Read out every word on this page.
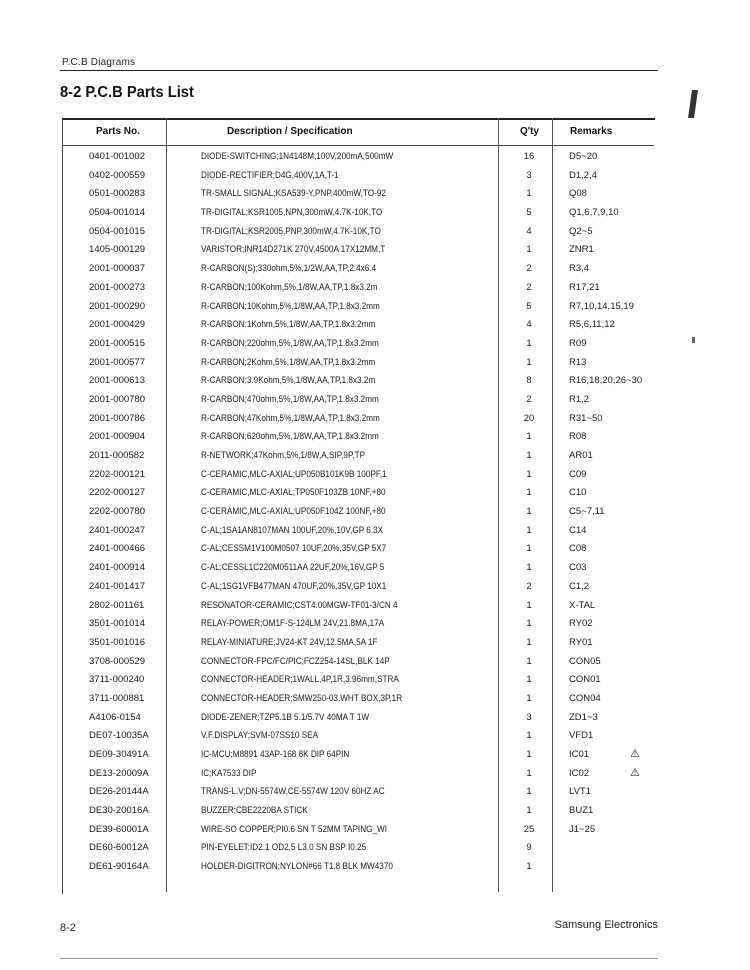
P.C.B Diagrams
8-2 P.C.B Parts List
Parts No.	Description / Specification	Q'ty	Remarks
0401-001002	DIODE-SWITCHING;1N4148M,100V,200mA,500mW	16	D5~20
0402-000559	DIODE-RECTIFIER;D4G,400V,1A,T-1	3	D1,2,4
0501-000283	TR-SMALL SIGNAL;KSA539-Y,PNP,400mW,TO-92	1	Q08
0504-001014	TR-DIGITAL;KSR1005,NPN,300mW,4.7K-10K,TO	5	Q1,6,7,9,10
0504-001015	TR-DIGITAL;KSR2005,PNP,300mW,4.7K-10K,TO	4	Q2~5
1405-000129	VARISTOR;INR14D271K 270V,4500A 17X12MM,T	1	ZNR1
2001-000037	R-CARBON(S);330ohm,5%,1/2W,AA,TP,2.4x6.4	2	R3,4
2001-000273	R-CARBON;100Kohm,5%,1/8W,AA,TP,1.8x3.2m	2	R17,21
2001-000290	R-CARBON;10Kohm,5%,1/8W,AA,TP,1.8x3.2mm	5	R7,10,14,15,19
2001-000429	R-CARBON;1Kohm,5%,1/8W,AA,TP,1.8x3.2mm	4	R5,6,11,12
2001-000515	R-CARBON;220ohm,5%,1/8W,AA,TP,1.8x3.2mm	1	R09
2001-000577	R-CARBON;2Kohm,5%,1/8W,AA,TP,1.8x3.2mm	1	R13
2001-000613	R-CARBON;3.9Kohm,5%,1/8W,AA,TP,1.8x3.2m	8	R16,18,20,26~30
2001-000780	R-CARBON;470ohm,5%,1/8W,AA,TP,1.8x3.2mm	2	R1,2
2001-000786	R-CARBON;47Kohm,5%,1/8W,AA,TP,1.8x3.2mm	20	R31~50
2001-000904	R-CARBON;620ohm,5%,1/8W,AA,TP,1.8x3.2mm	1	R08
2011-000582	R-NETWORK;47Kohm,5%,1/8W,A,SIP,9P,TP	1	AR01
2202-000121	C-CERAMIC,MLC-AXIAL;UP050B101K9B 100PF,1	1	C09
2202-000127	C-CERAMIC,MLC-AXIAL;TP050F103ZB 10NF,+80	1	C10
2202-000780	C-CERAMIC,MLC-AXIAL;UP050F104Z 100NF,+80	1	C5~7,11
2401-000247	C-AL;1SA1AN8107MAN 100UF,20%,10V,GP 6.3X	1	C14
2401-000466	C-AL;CESSM1V100M0507 10UF,20%,35V,GP 5X7	1	C08
2401-000914	C-AL;CESSL1C220M0511AA 22UF,20%,16V,GP 5	1	C03
2401-001417	C-AL;1SG1VFB477MAN 470UF,20%,35V,GP 10X1	2	C1,2
2802-001161	RESONATOR-CERAMIC;CST4.00MGW-TF01-3/CN 4	1	X-TAL
3501-001014	RELAY-POWER;OM1F-S-124LM 24V,21.8MA,17A	1	RY02
3501-001016	RELAY-MINIATURE;JV24-KT 24V,12.5MA,5A 1F	1	RY01
3708-000529	CONNECTOR-FPC/FC/PIC;FCZ254-14SL,BLK 14P	1	CON05
3711-000240	CONNECTOR-HEADER;1WALL,4P,1R,3.96mm,STRA	1	CON01
3711-000881	CONNECTOR-HEADER;SMW250-03,WHT BOX,3P,1R	1	CON04
A4106-0154	DIODE-ZENER;TZP5.1B 5.1/5.7V 40MA T 1W	3	ZD1~3
DE07-10035A	V.F.DISPLAY;SVM-07SS10 SEA	1	VFD1
DE09-30491A	IC-MCU;M8891 43AP-168 8K DIP 64PIN	1	IC01	⚠
DE13-20009A	IC;KA7533 DIP	1	IC02	⚠
DE26-20144A	TRANS-L.V;DN-5574W,CE-5574W 120V 60HZ AC	1	LVT1
DE30-20016A	BUZZER;CBE2220BA STICK	1	BUZ1
DE39-60001A	WIRE-SO COPPER;PI0.6 SN T 52MM TAPING_WI	25	J1~25
DE60-60012A	PIN-EYELET;ID2.1 OD2.5 L3.0 SN BSP I0.25	9
DE61-90164A	HOLDER-DIGITRON;NYLON#66 T1.8 BLK MW4370	1
8-2	Samsung Electronics
